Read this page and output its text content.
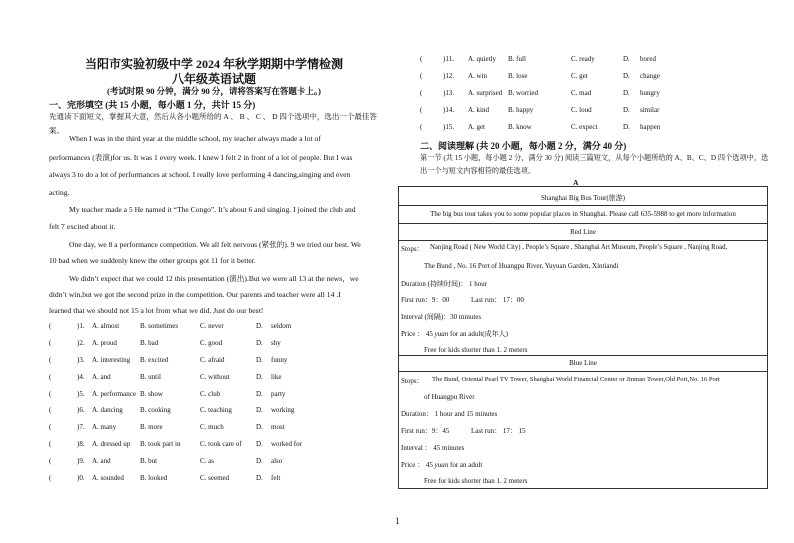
当阳市实验初级中学 2024 年秋学期期中学情检测
八年级英语试题
(考试时限 90 分钟，满分 90 分，请将答案写在答题卡上。)
一、完形填空 (共 15 小题，每小题 1 分，共计 15 分)
先通读下面短文，掌握其大意，然后从各小题所给的 A 、 B 、 C 、 D 四个选项中，选出一个最佳答案。
When I was in the third year at the middle school, my teacher always made a lot of
performances (表演)for us. It was 1 every week. I knew I felt 2 in front of a lot of people. But I was
always 3 to do a lot of performances at school. I really love performing 4 dancing,singing and even
acting.
My teacher made a 5 He named it “The Congo”. It’s about 6 and singing. I joined the club and
felt 7 excited about it.
One day, we 8 a performance competition. We all felt nervous (紧张的). 9 we tried our best. We
10 bad when we suddenly knew the other groups got 11 for it better.
We didn’t expect that we could 12 this presentation (演出).But we were all 13 at the news，we
didn’t win,but we got the second prize in the competition. Our parents and teacher were all 14 .I
learned that we should not 15 a lot from what we did. Just do our best!
(	)1. A. almost	B. sometimes	C. never	D. seldom
(	)2. A. proud	B. bad	C. good	D. shy
(	)3. A. interesting B. excited	C. afraid	D. funny
(	)4. A. and	B. until	C. without	D. like
(	)5. A. performance B. show	C. club	D. party
(	)6. A. dancing B. cooking	C. teaching	D. working
(	)7. A. many	B. more	C. much	D. most
(	)8. A. dressed up B. took part in	C. took care of D. worked for
(	)9. A. and	B. but	C. as	D. also
(	)0. A. sounded B. looked	C. seemed	D. felt
(	)11. A. quietly B. full	C. ready	D. bored
(	)12. A. win	B. lose	C. get	D. change
(	)13. A. surprised B. worried	C. mad	D. hungry
(	)14. A. kind	B. happy	C. loud	D. similar
(	)15. A. get	B. know	C. expect	D. happen
二、阅读理解 (共 20 小题，每小题 2 分，满分 40 分)
第一节 (共 15 小题，每小题 2 分，满分 30 分) 阅读三篇短文，从每个小题所给的 A、B、C、D 四个选项中，选出一个与短文内容相符的最佳选项。
A
Shanghai Big Bus Tour(旅游)
The big bus tour takes you to some popular places in Shanghai. Please call 635-5988 to get more information
Red Line
Stops： Nanjing Road ( New World City) , People’s Square , Shanghai Art Museum, People’s Square , Nanjing Road,
The Bund , No. 16 Port of Huangpu River, Yuyuan Garden, Xintiandi
Duration (持续时间)： 1 hour
First run：9：00	Last run： 17：00
Interval (间隔)：30 minutes
Price ： 45 yuan for an adult(成年人)
Free for kids shorter than 1. 2 meters
Blue Line
Stops： The Bund, Oriental Pearl TV Tower, Shanghai World Financial Center or Jinmao Tower,Old Port,No. 16 Port
of Huangpu River
Duration： 1 hour and 15 minutes
First run：9：45	Last run： 17： 15
Interval ： 45 minutes
Price ： 45 yuan for an adult
Free for kids shorter than 1. 2 meters
1
